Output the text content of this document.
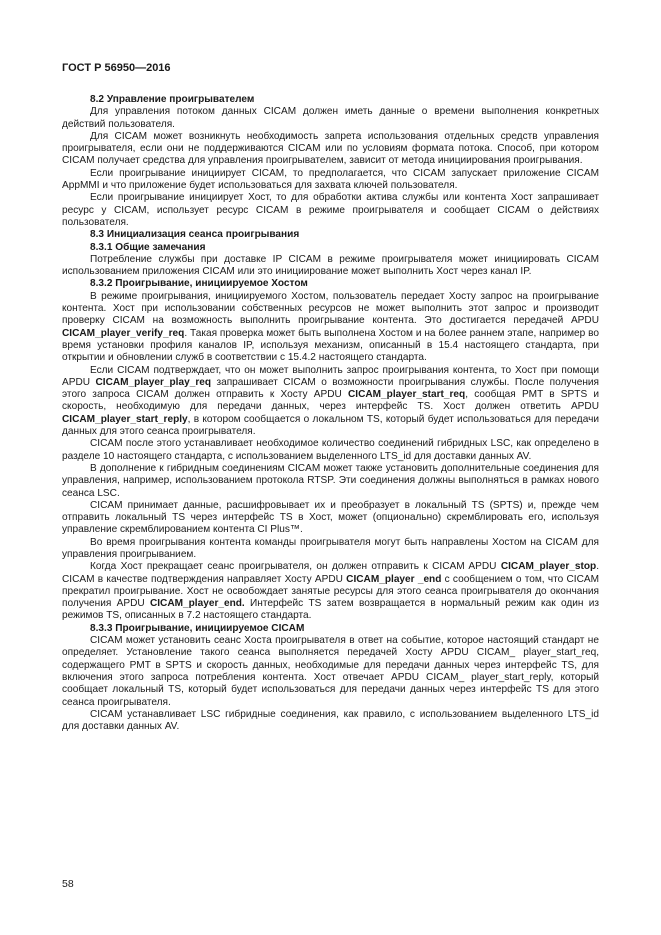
ГОСТ Р 56950—2016

8.2 Управление проигрывателем

Для управления потоком данных CICAM должен иметь данные о времени выполнения конкретных действий пользователя.

Для CICAM может возникнуть необходимость запрета использования отдельных средств управления проигрывателя, если они не поддерживаются CICAM или по условиям формата потока. Способ, при котором CICAM получает средства для управления проигрывателем, зависит от метода инициирования проигрывания.

Если проигрывание инициирует CICAM, то предполагается, что CICAM запускает приложение CICAM AppMMI и что приложение будет использоваться для захвата ключей пользователя.

Если проигрывание инициирует Хост, то для обработки актива службы или контента Хост запрашивает ресурс у CICAM, использует ресурс CICAM в режиме проигрывателя и сообщает CICAM о действиях пользователя.

8.3 Инициализация сеанса проигрывания

8.3.1 Общие замечания

Потребление службы при доставке IP CICAM в режиме проигрывателя может инициировать CICAM использованием приложения CICAM или это инициирование может выполнить Хост через канал IP.

8.3.2 Проигрывание, инициируемое Хостом

В режиме проигрывания, инициируемого Хостом, пользователь передает Хосту запрос на проигрывание контента. Хост при использовании собственных ресурсов не может выполнить этот запрос и производит проверку CICAM на возможность выполнить проигрывание контента. Это достигается передачей APDU CICAM_player_verify_req. Такая проверка может быть выполнена Хостом и на более раннем этапе, например во время установки профиля каналов IP, используя механизм, описанный в 15.4 настоящего стандарта, при открытии и обновлении служб в соответствии с 15.4.2 настоящего стандарта.

Если CICAM подтверждает, что он может выполнить запрос проигрывания контента, то Хост при помощи APDU CICAM_player_play_req запрашивает CICAM о возможности проигрывания службы. После получения этого запроса CICAM должен отправить к Хосту APDU CICAM_player_start_req, сообщая PMT в SPTS и скорость, необходимую для передачи данных, через интерфейс TS. Хост должен ответить APDU CICAM_player_start_reply, в котором сообщается о локальном TS, который будет использоваться для передачи данных для этого сеанса проигрывателя.

CICAM после этого устанавливает необходимое количество соединений гибридных LSC, как определено в разделе 10 настоящего стандарта, с использованием выделенного LTS_id для доставки данных AV.

В дополнение к гибридным соединениям CICAM может также установить дополнительные соединения для управления, например, использованием протокола RTSP. Эти соединения должны выполняться в рамках нового сеанса LSC.

CICAM принимает данные, расшифровывает их и преобразует в локальный TS (SPTS) и, прежде чем отправить локальный TS через интерфейс TS в Хост, может (опционально) скремблировать его, используя управление скремблированием контента CI Plus™.

Во время проигрывания контента команды проигрывателя могут быть направлены Хостом на CICAM для управления проигрыванием.

Когда Хост прекращает сеанс проигрывателя, он должен отправить к CICAM APDU CICAM_player_stop. CICAM в качестве подтверждения направляет Хосту APDU CICAM_player _end с сообщением о том, что CICAM прекратил проигрывание. Хост не освобождает занятые ресурсы для этого сеанса проигрывателя до окончания получения APDU CICAM_player_end. Интерфейс TS затем возвращается в нормальный режим как один из режимов TS, описанных в 7.2 настоящего стандарта.

8.3.3 Проигрывание, инициируемое CICAM

CICAM может установить сеанс Хоста проигрывателя в ответ на событие, которое настоящий стандарт не определяет. Установление такого сеанса выполняется передачей Хосту APDU CICAM_ player_start_req, содержащего PMT в SPTS и скорость данных, необходимые для передачи данных через интерфейс TS, для включения этого запроса потребления контента. Хост отвечает APDU CICAM_ player_start_reply, который сообщает локальный TS, который будет использоваться для передачи данных через интерфейс TS для этого сеанса проигрывателя.

CICAM устанавливает LSC гибридные соединения, как правило, с использованием выделенного LTS_id для доставки данных AV.

58
